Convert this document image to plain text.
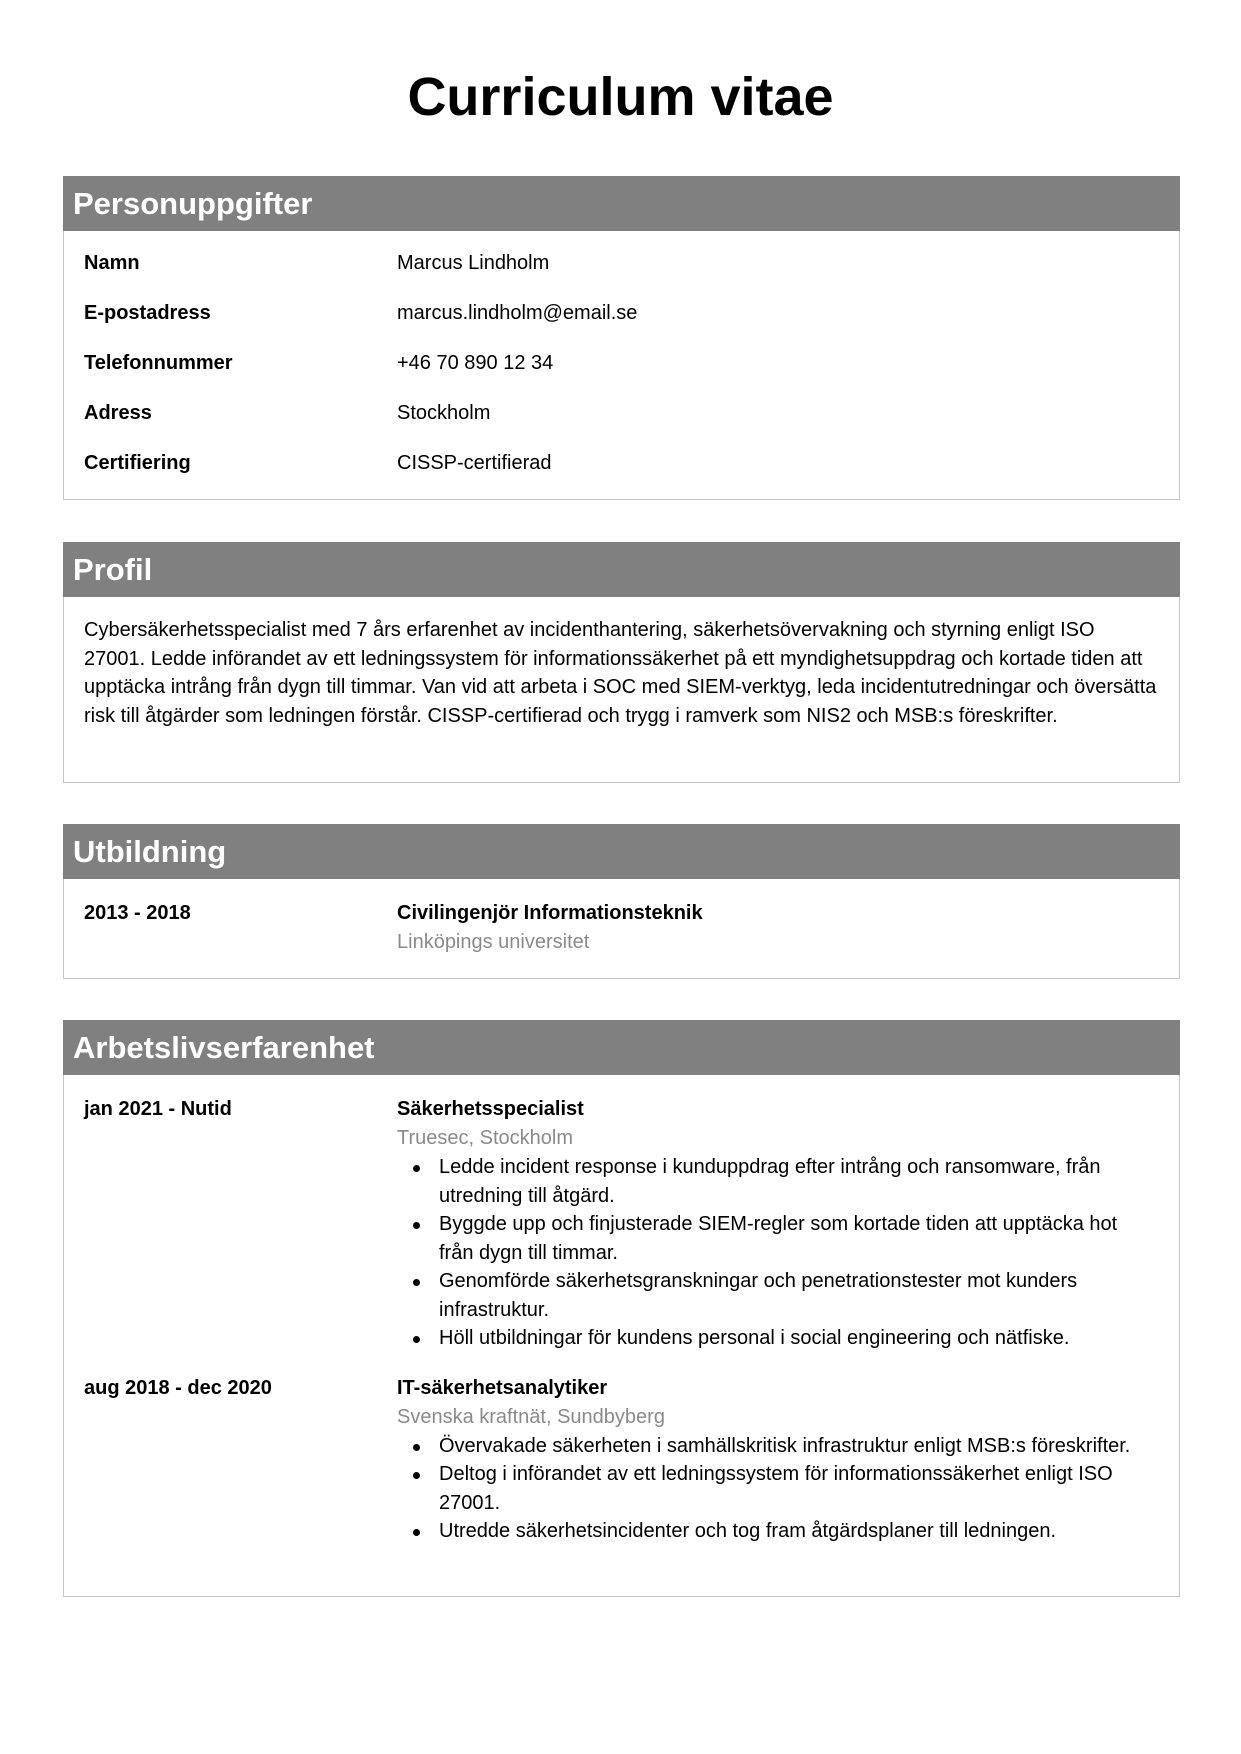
Curriculum vitae
Personuppgifter
Namn	Marcus Lindholm
E-postadress	marcus.lindholm@email.se
Telefonnummer	+46 70 890 12 34
Adress	Stockholm
Certifiering	CISSP-certifierad
Profil
Cybersäkerhetsspecialist med 7 års erfarenhet av incidenthantering, säkerhetsövervakning och styrning enligt ISO 27001. Ledde införandet av ett ledningssystem för informationssäkerhet på ett myndighetsuppdrag och kortade tiden att upptäcka intrång från dygn till timmar. Van vid att arbeta i SOC med SIEM-verktyg, leda incidentutredningar och översätta risk till åtgärder som ledningen förstår. CISSP-certifierad och trygg i ramverk som NIS2 och MSB:s föreskrifter.
Utbildning
2013 - 2018	Civilingenjör Informationsteknik
Linköpings universitet
Arbetslivserfarenhet
jan 2021 - Nutid	Säkerhetsspecialist
Truesec, Stockholm
Ledde incident response i kunduppdrag efter intrång och ransomware, från utredning till åtgärd.
Byggde upp och finjusterade SIEM-regler som kortade tiden att upptäcka hot från dygn till timmar.
Genomförde säkerhetsgranskningar och penetrationstester mot kunders infrastruktur.
Höll utbildningar för kundens personal i social engineering och nätfiske.
aug 2018 - dec 2020	IT-säkerhetsanalytiker
Svenska kraftnät, Sundbyberg
Övervakade säkerheten i samhällskritisk infrastruktur enligt MSB:s föreskrifter.
Deltog i införandet av ett ledningssystem för informationssäkerhet enligt ISO 27001.
Utredde säkerhetsincidenter och tog fram åtgärdsplaner till ledningen.
